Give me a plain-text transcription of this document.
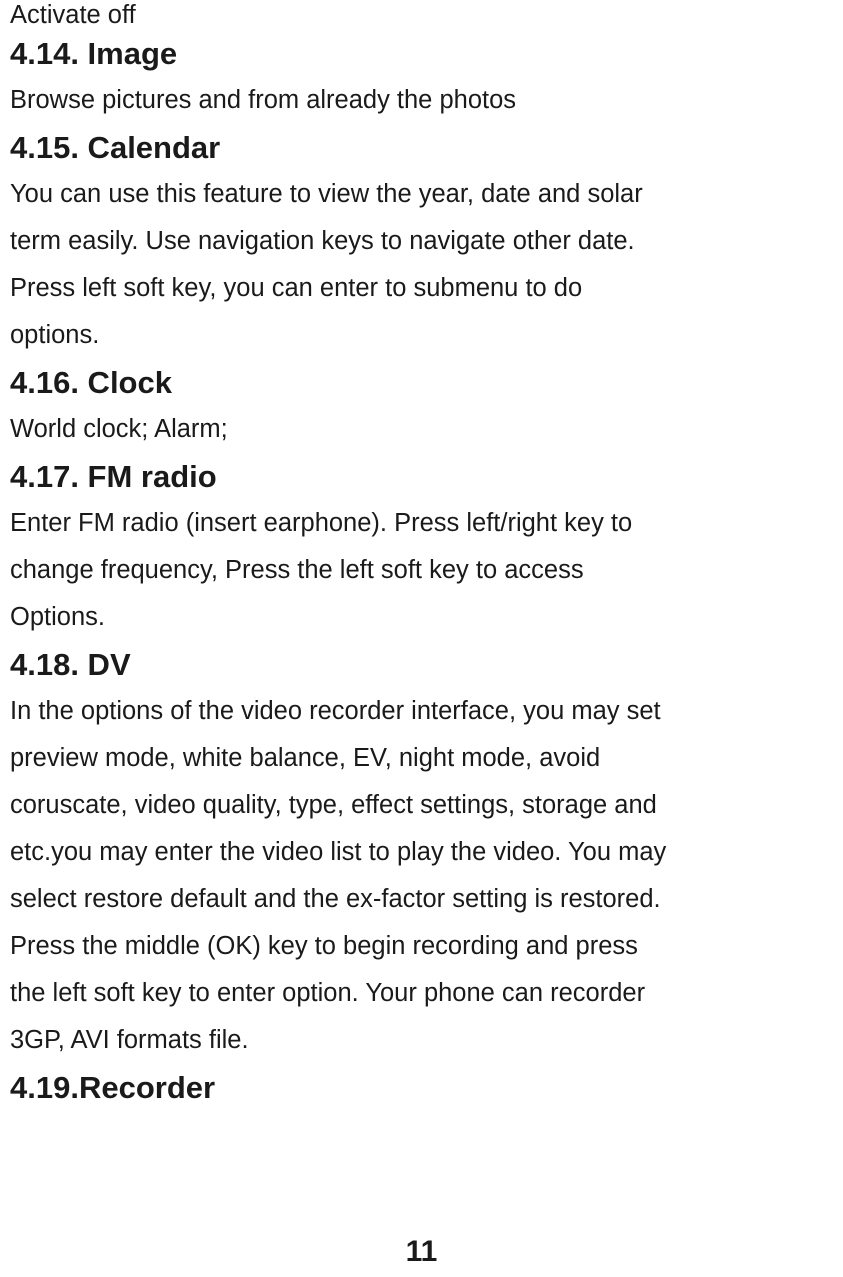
Activate off
4.14. Image
Browse pictures and from already the photos
4.15. Calendar
You can use this feature to view the year, date and solar
term easily. Use navigation keys to navigate other date.
Press left soft key, you can enter to submenu to do
options.
4.16. Clock
World clock; Alarm;
4.17. FM radio
Enter FM radio (insert earphone). Press left/right key to
change frequency, Press the left soft key to access
Options.
4.18. DV
In the options of the video recorder interface, you may set
preview mode, white balance, EV, night mode, avoid
coruscate, video quality, type, effect settings, storage and
etc.you may enter the video list to play the video. You may
select restore default and the ex-factor setting is restored.
Press the middle (OK) key to begin recording and press
the left soft key to enter option. Your phone can recorder
3GP, AVI formats file.
4.19.Recorder
11
